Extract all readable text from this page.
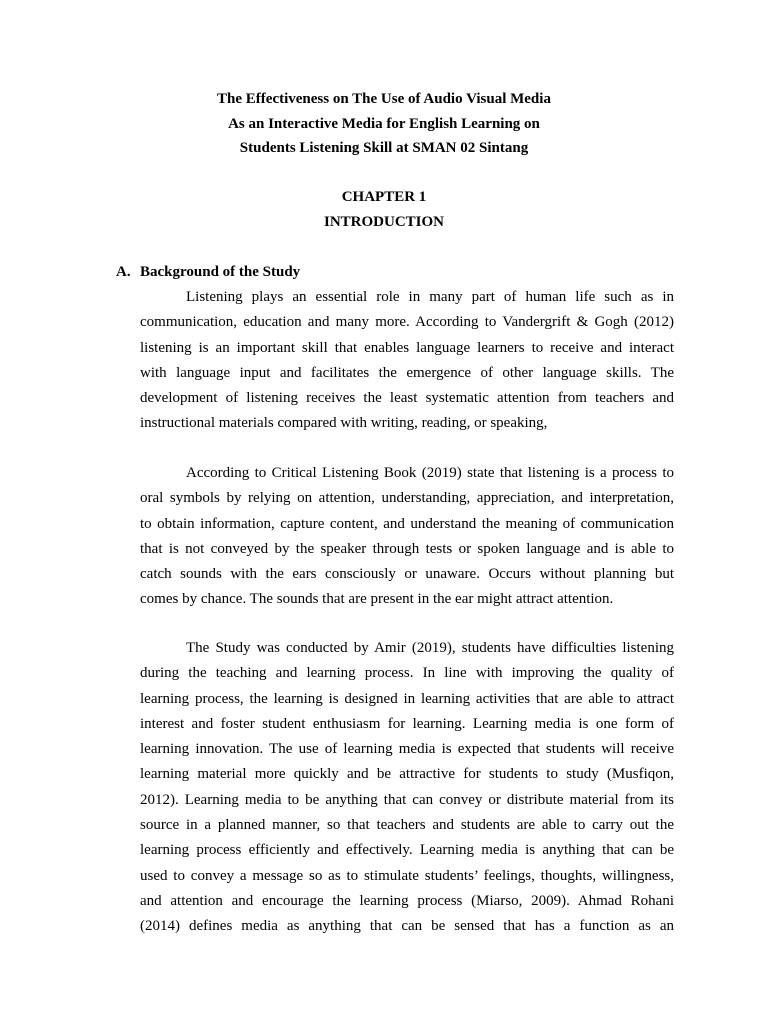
The Effectiveness on The Use of Audio Visual Media
As an Interactive Media for English Learning on
Students Listening Skill at SMAN 02 Sintang
CHAPTER 1
INTRODUCTION
A. Background of the Study
Listening plays an essential role in many part of human life such as in
communication, education and many more. According to Vandergrift & Gogh (2012)
listening is an important skill that enables language learners to receive and interact
with language input and facilitates the emergence of other language skills. The
development of listening receives the least systematic attention from teachers and
instructional materials compared with writing, reading, or speaking,
According to Critical Listening Book (2019) state that listening is a process to
oral symbols by relying on attention, understanding, appreciation, and interpretation,
to obtain information, capture content, and understand the meaning of communication
that is not conveyed by the speaker through tests or spoken language and is able to
catch sounds with the ears consciously or unaware. Occurs without planning but
comes by chance. The sounds that are present in the ear might attract attention.
The Study was conducted by Amir (2019), students have difficulties listening
during the teaching and learning process. In line with improving the quality of
learning process, the learning is designed in learning activities that are able to attract
interest and foster student enthusiasm for learning. Learning media is one form of
learning innovation. The use of learning media is expected that students will receive
learning material more quickly and be attractive for students to study (Musfiqon,
2012). Learning media to be anything that can convey or distribute material from its
source in a planned manner, so that teachers and students are able to carry out the
learning process efficiently and effectively. Learning media is anything that can be
used to convey a message so as to stimulate students’ feelings, thoughts, willingness,
and attention and encourage the learning process (Miarso, 2009). Ahmad Rohani
(2014) defines media as anything that can be sensed that has a function as an
